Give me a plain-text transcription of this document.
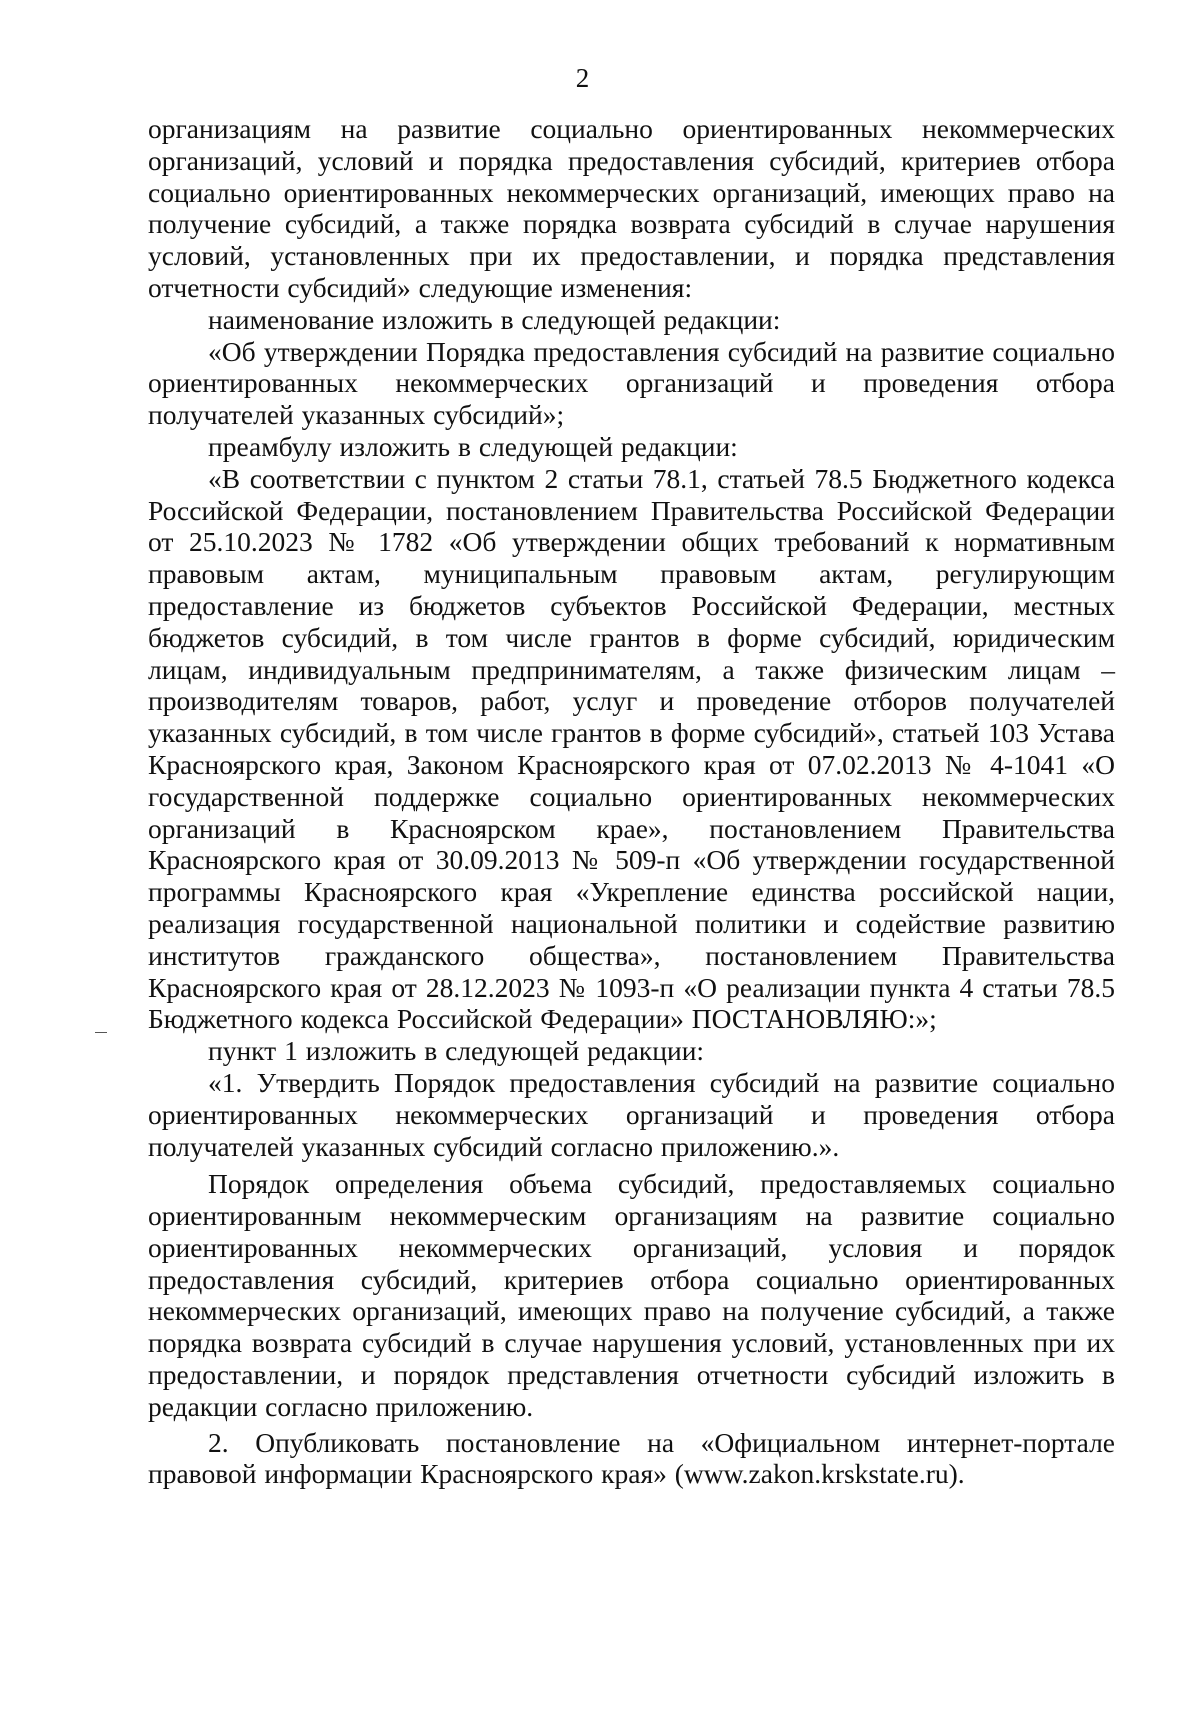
2

организациям на развитие социально ориентированных некоммерческих организаций, условий и порядка предоставления субсидий, критериев отбора социально ориентированных некоммерческих организаций, имеющих право на получение субсидий, а также порядка возврата субсидий в случае нарушения условий, установленных при их предоставлении, и порядка представления отчетности субсидий» следующие изменения:

наименование изложить в следующей редакции:

«Об утверждении Порядка предоставления субсидий на развитие социально ориентированных некоммерческих организаций и проведения отбора получателей указанных субсидий»;

преамбулу изложить в следующей редакции:

«В соответствии с пунктом 2 статьи 78.1, статьей 78.5 Бюджетного кодекса Российской Федерации, постановлением Правительства Российской Федерации от 25.10.2023 № 1782 «Об утверждении общих требований к нормативным правовым актам, муниципальным правовым актам, регулирующим предоставление из бюджетов субъектов Российской Федерации, местных бюджетов субсидий, в том числе грантов в форме субсидий, юридическим лицам, индивидуальным предпринимателям, а также физическим лицам – производителям товаров, работ, услуг и проведение отборов получателей указанных субсидий, в том числе грантов в форме субсидий», статьей 103 Устава Красноярского края, Законом Красноярского края от 07.02.2013 № 4-1041 «О государственной поддержке социально ориентированных некоммерческих организаций в Красноярском крае», постановлением Правительства Красноярского края от 30.09.2013 № 509-п «Об утверждении государственной программы Красноярского края «Укрепление единства российской нации, реализация государственной национальной политики и содействие развитию институтов гражданского общества», постановлением Правительства Красноярского края от 28.12.2023 № 1093-п «О реализации пункта 4 статьи 78.5 Бюджетного кодекса Российской Федерации» ПОСТАНОВЛЯЮ:»;

пункт 1 изложить в следующей редакции:

«1. Утвердить Порядок предоставления субсидий на развитие социально ориентированных некоммерческих организаций и проведения отбора получателей указанных субсидий согласно приложению.».

Порядок определения объема субсидий, предоставляемых социально ориентированным некоммерческим организациям на развитие социально ориентированных некоммерческих организаций, условия и порядок предоставления субсидий, критериев отбора социально ориентированных некоммерческих организаций, имеющих право на получение субсидий, а также порядка возврата субсидий в случае нарушения условий, установленных при их предоставлении, и порядок представления отчетности субсидий изложить в редакции согласно приложению.

2. Опубликовать постановление на «Официальном интернет-портале правовой информации Красноярского края» (www.zakon.krskstate.ru).
